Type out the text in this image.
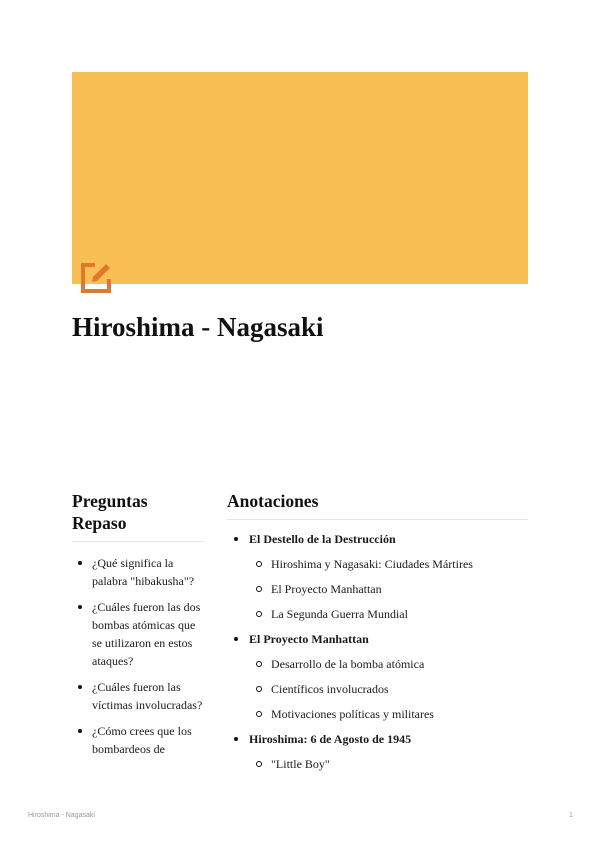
Hiroshima - Nagasaki
Preguntas Repaso
¿Qué significa la palabra "hibakusha"?
¿Cuáles fueron las dos bombas atómicas que se utilizaron en estos ataques?
¿Cuáles fueron las víctimas involucradas?
¿Cómo crees que los bombardeos de
Anotaciones
El Destello de la Destrucción
Hiroshima y Nagasaki: Ciudades Mártires
El Proyecto Manhattan
La Segunda Guerra Mundial
El Proyecto Manhattan
Desarrollo de la bomba atómica
Científicos involucrados
Motivaciones políticas y militares
Hiroshima: 6 de Agosto de 1945
"Little Boy"
Hiroshima - Nagasaki	1
